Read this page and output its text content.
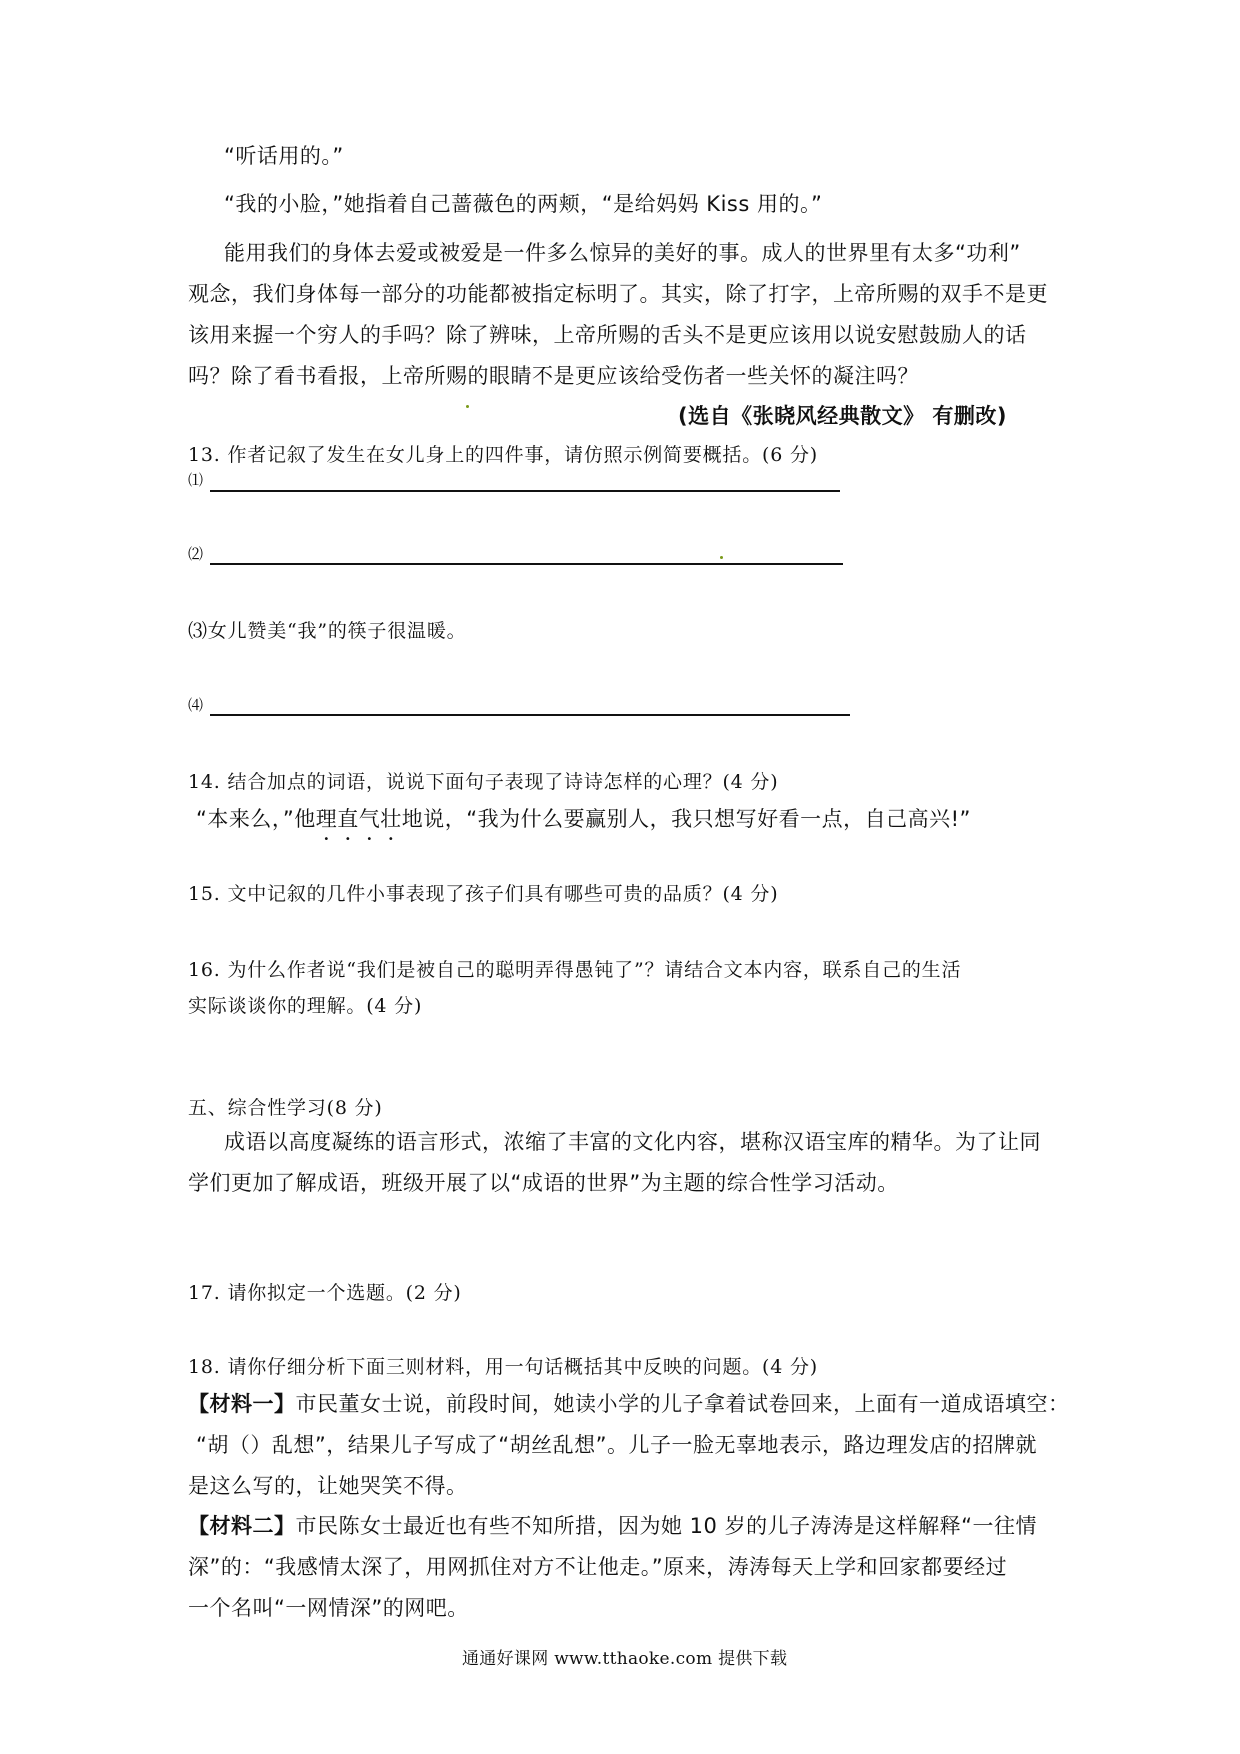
“听话用的。”
“我的小脸，”她指着自己蔷薇色的两颊，“是给妈妈 Kiss 用的。”
能用我们的身体去爱或被爱是一件多么惊异的美好的事。成人的世界里有太多“功利”
观念，我们身体每一部分的功能都被指定标明了。其实，除了打字，上帝所赐的双手不是更
该用来握一个穷人的手吗？除了辨味，上帝所赐的舌头不是更应该用以说安慰鼓励人的话
吗？除了看书看报，上帝所赐的眼睛不是更应该给受伤者一些关怀的凝注吗？
(选自《张晓风经典散文》 有删改)
13. 作者记叙了发生在女儿身上的四件事，请仿照示例简要概括。(6 分)
⑴
⑵
⑶女儿赞美“我”的筷子很温暖。
⑷
14. 结合加点的词语，说说下面句子表现了诗诗怎样的心理？(4 分)
“本来么，”他理直气壮地说，“我为什么要赢别人，我只想写好看一点，自己高兴!”
15. 文中记叙的几件小事表现了孩子们具有哪些可贵的品质？(4 分)
16. 为什么作者说“我们是被自己的聪明弄得愚钝了”？请结合文本内容，联系自己的生活
实际谈谈你的理解。(4 分)
五、综合性学习(8 分)
成语以高度凝练的语言形式，浓缩了丰富的文化内容，堪称汉语宝库的精华。为了让同
学们更加了解成语，班级开展了以“成语的世界”为主题的综合性学习活动。
17. 请你拟定一个选题。(2 分)
18. 请你仔细分析下面三则材料，用一句话概括其中反映的问题。(4 分)
【材料一】市民董女士说，前段时间，她读小学的儿子拿着试卷回来，上面有一道成语填空：
“胡（）乱想”，结果儿子写成了“胡丝乱想”。儿子一脸无辜地表示，路边理发店的招牌就
是这么写的，让她哭笑不得。
【材料二】市民陈女士最近也有些不知所措，因为她 10 岁的儿子涛涛是这样解释“一往情
深”的：“我感情太深了，用网抓住对方不让他走。”原来，涛涛每天上学和回家都要经过
一个名叫“一网情深”的网吧。
通通好课网 www.tthaoke.com 提供下载
